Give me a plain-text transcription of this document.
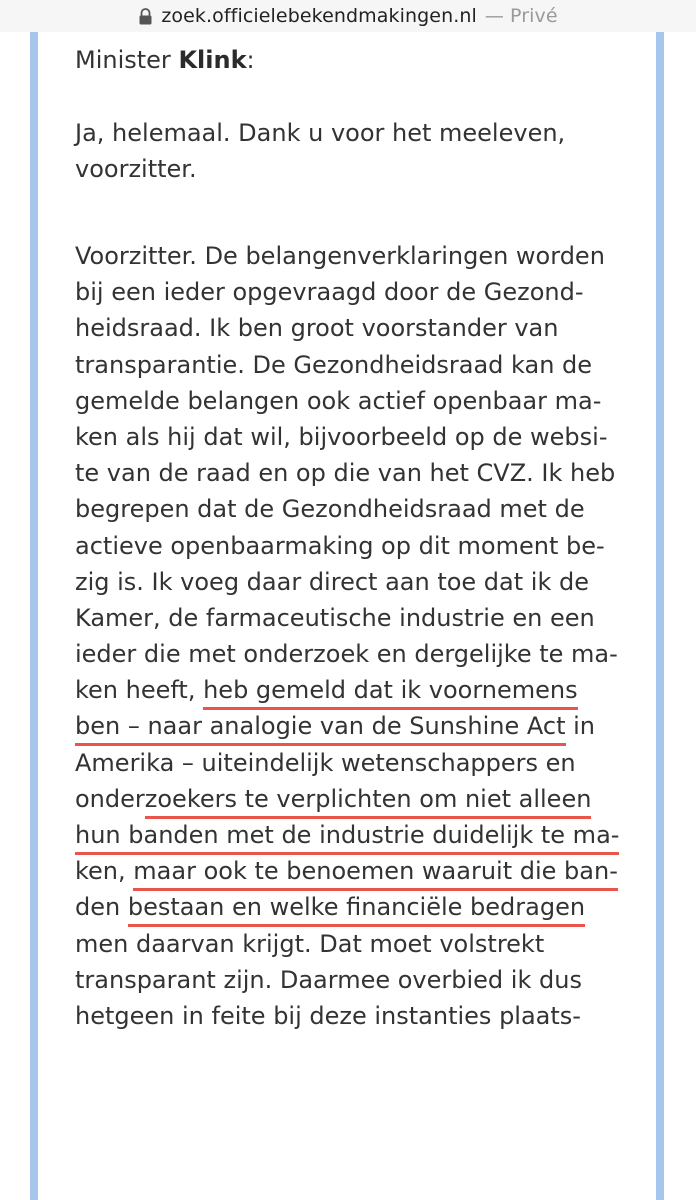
zoek.officielebekendmakingen.nl — Privé

Minister Klink:

Ja, helemaal. Dank u voor het meeleven,
voorzitter.
Voorzitter. De belangenverklaringen worden
bij een ieder opgevraagd door de Gezond-
heidsraad. Ik ben groot voorstander van
transparantie. De Gezondheidsraad kan de
gemelde belangen ook actief openbaar ma-
ken als hij dat wil, bijvoorbeeld op de websi-
te van de raad en op die van het CVZ. Ik heb
begrepen dat de Gezondheidsraad met de
actieve openbaarmaking op dit moment be-
zig is. Ik voeg daar direct aan toe dat ik de
Kamer, de farmaceutische industrie en een
ieder die met onderzoek en dergelijke te ma-
ken heeft, heb gemeld dat ik voornemens
ben – naar analogie van de Sunshine Act in
Amerika – uiteindelijk wetenschappers en
onderzoekers te verplichten om niet alleen
hun banden met de industrie duidelijk te ma-
ken, maar ook te benoemen waaruit die ban-
den bestaan en welke financiële bedragen
men daarvan krijgt. Dat moet volstrekt
transparant zijn. Daarmee overbied ik dus
hetgeen in feite bij deze instanties plaats-
